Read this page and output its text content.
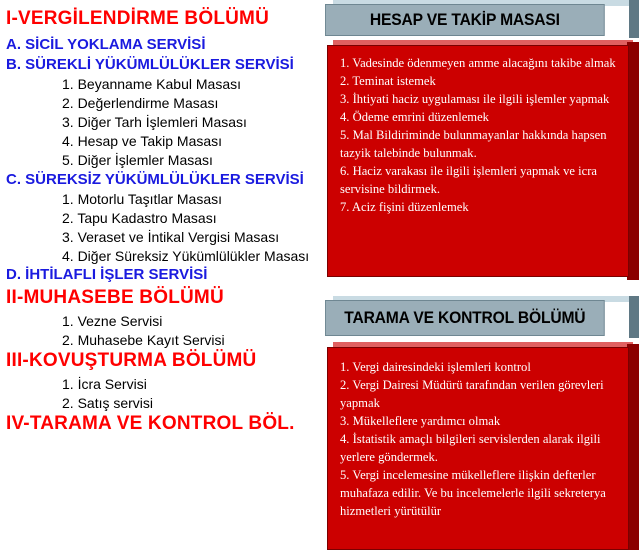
I-VERGİLENDİRME BÖLÜMÜ
A. SİCİL YOKLAMA SERVİSİ
B. SÜREKLİ YÜKÜMLÜLÜKLER SERVİSİ
1. Beyanname Kabul Masası
2. Değerlendirme Masası
3. Diğer Tarh İşlemleri Masası
4. Hesap ve Takip Masası
5. Diğer İşlemler Masası
C. SÜREKSİZ YÜKÜMLÜLÜKLER SERVİSİ
1. Motorlu Taşıtlar Masası
2. Tapu Kadastro Masası
3. Veraset ve İntikal Vergisi Masası
4. Diğer Süreksiz Yükümlülükler Masası
D. İHTİLAFLI İŞLER SERVİSİ
II-MUHASEBE BÖLÜMÜ
1. Vezne Servisi
2. Muhasebe Kayıt Servisi
III-KOVUŞTURMA BÖLÜMÜ
1. İcra Servisi
2. Satış servisi
IV-TARAMA VE KONTROL BÖL.
HESAP VE TAKİP MASASI
1. Vadesinde ödenmeyen amme alacağını takibe almak
2. Teminat istemek
3. İhtiyati haciz uygulaması ile ilgili işlemler yapmak
4. Ödeme emrini düzenlemek
5. Mal Bildiriminde bulunmayanlar hakkında hapsen tazyik talebinde bulunmak.
6. Haciz varakası ile ilgili işlemleri yapmak ve icra servisine bildirmek.
7. Aciz fişini düzenlemek
TARAMA VE KONTROL BÖLÜMÜ
1. Vergi dairesindeki işlemleri kontrol
2. Vergi Dairesi Müdürü tarafından verilen görevleri yapmak
3. Mükelleflere yardımcı olmak
4. İstatistik amaçlı bilgileri servislerden alarak ilgili yerlere göndermek.
5. Vergi incelemesine mükelleflere ilişkin defterler muhafaza edilir. Ve bu incelemelerle ilgili sekreterya hizmetleri yürütülür
